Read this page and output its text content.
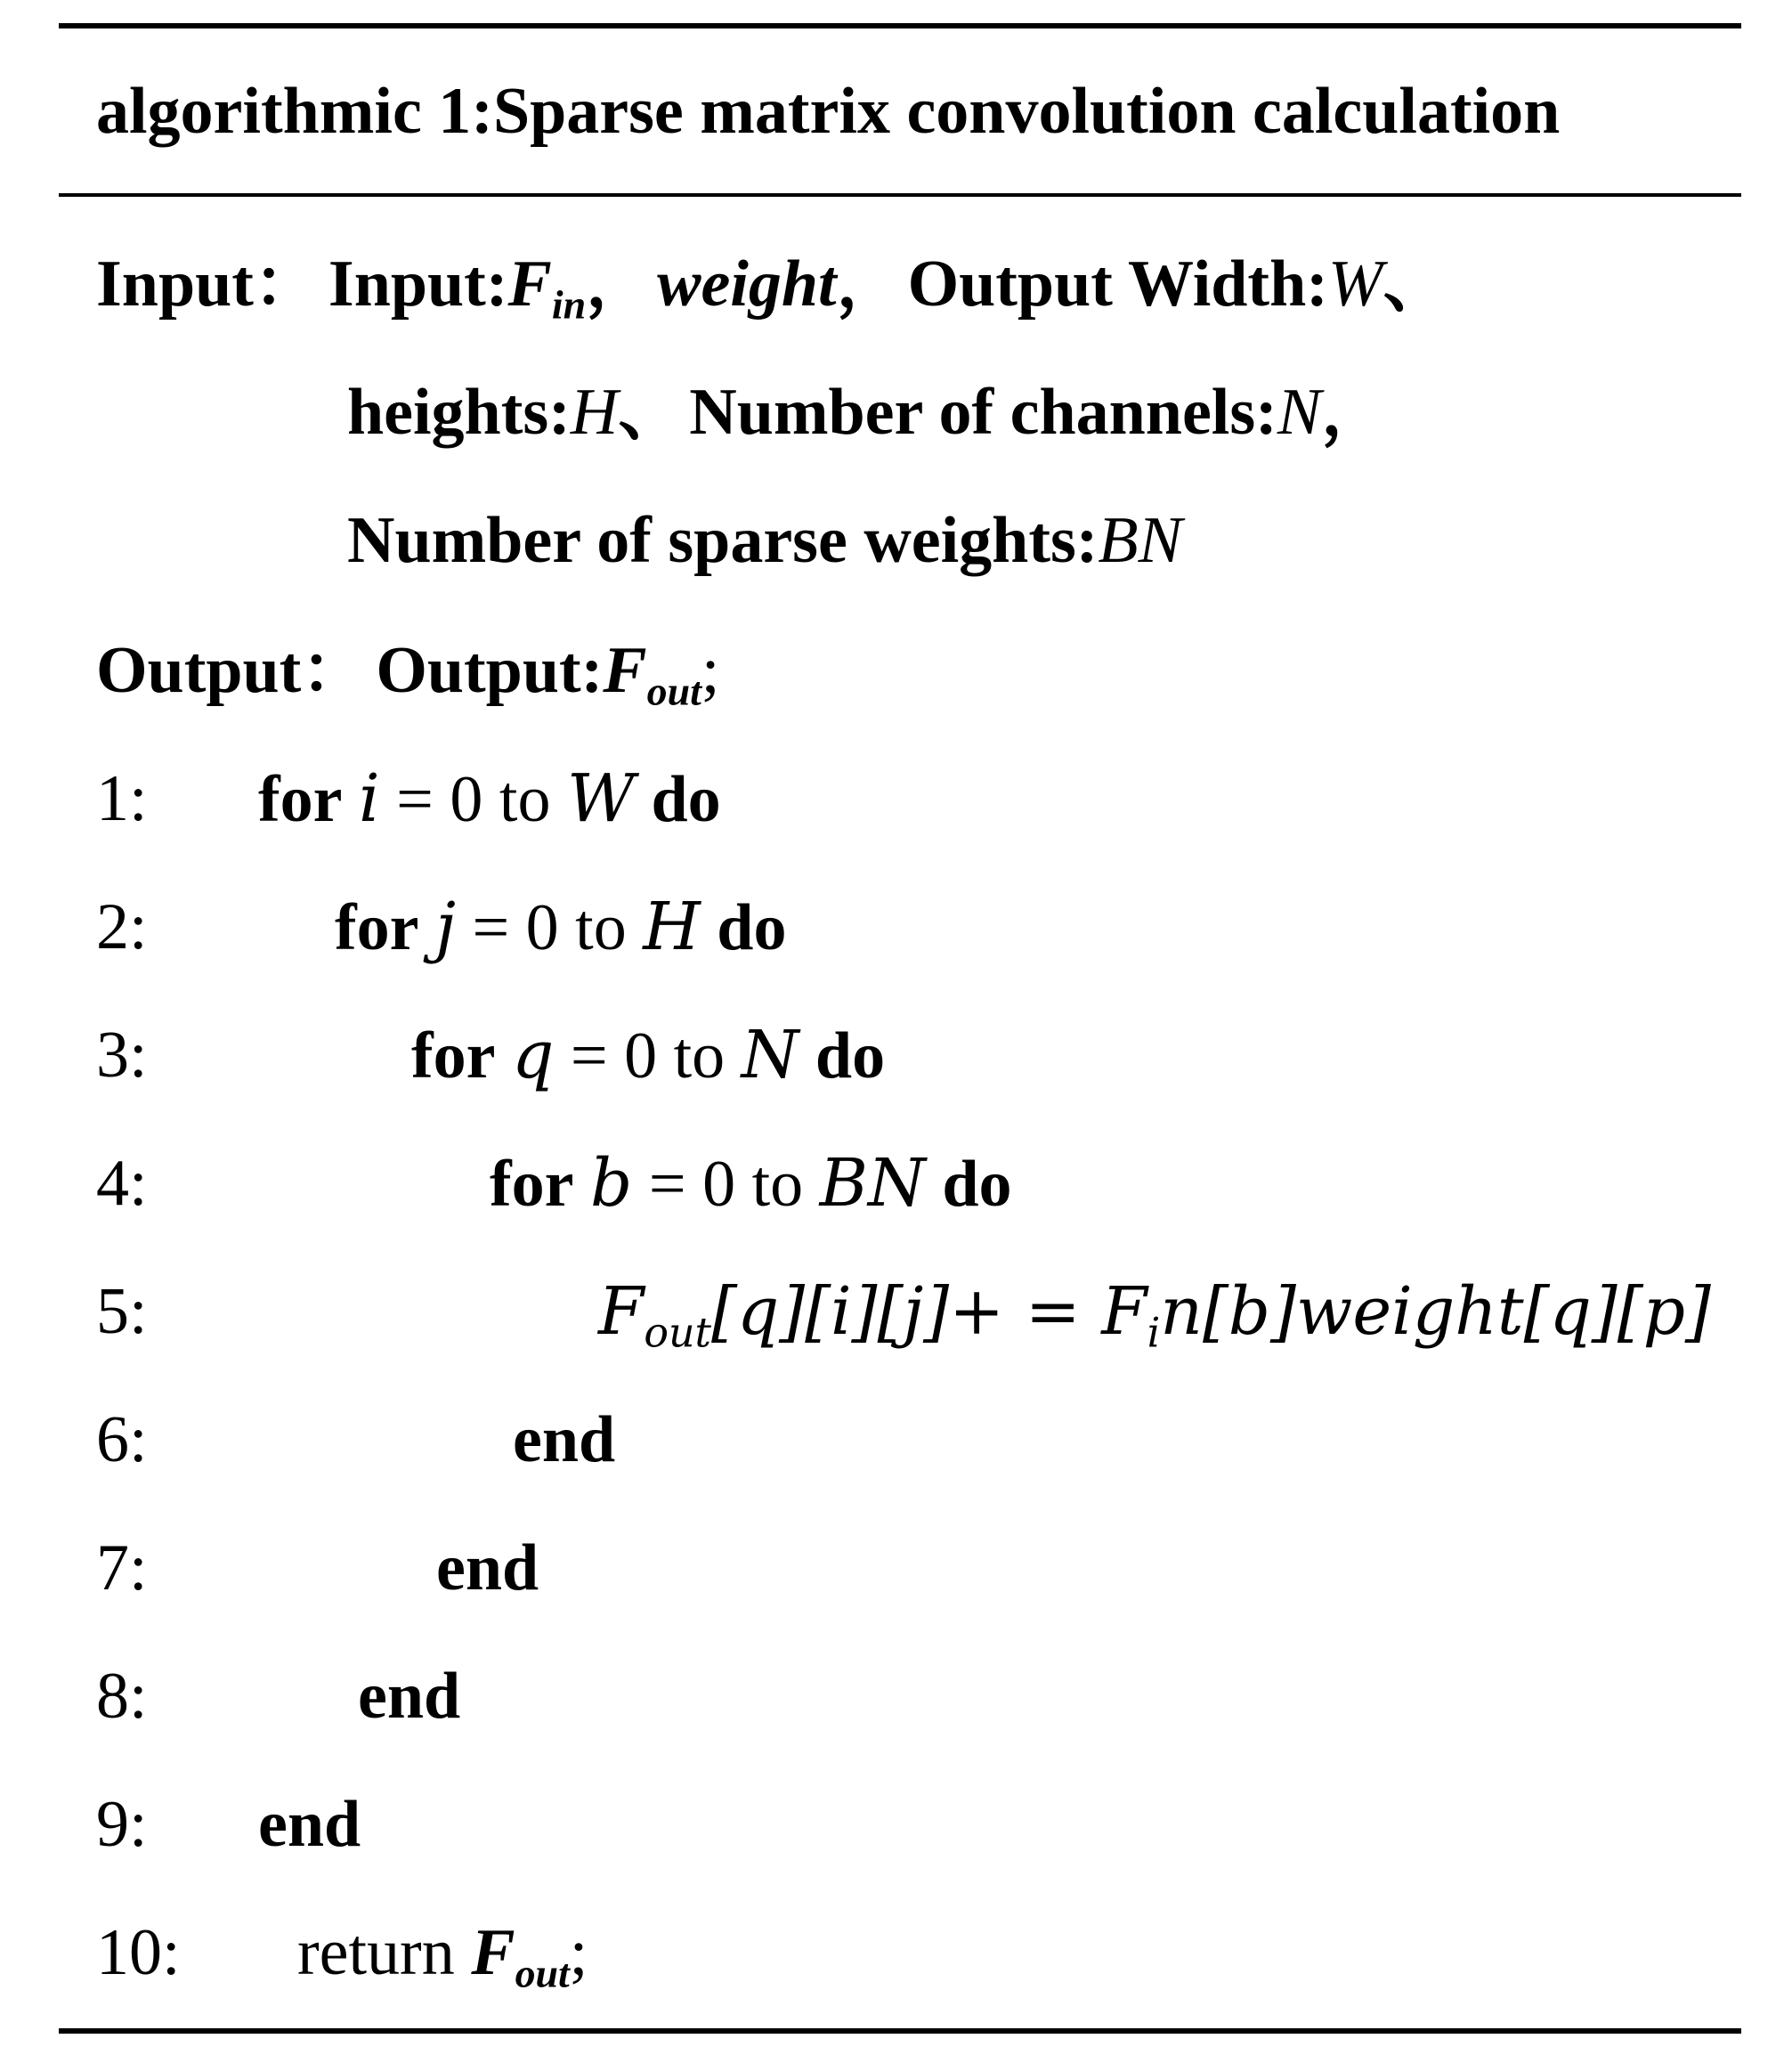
algorithmic 1:Sparse matrix convolution calculation
Input： Input:Fin，weight，Output Width:W、
heights:H、Number of channels:N，
Number of sparse weights:BN
Output： Output:Fout;
1: for i = 0 to W do
2:	for j = 0 to H do
3:	for q = 0 to N do
4:	for b = 0 to BN do
5:	$F_{out}[q][i][j]+$ = $F_in[b]weight[q][p]$
6:	end
7:	end
8:	end
9: end
10: return Fout;
